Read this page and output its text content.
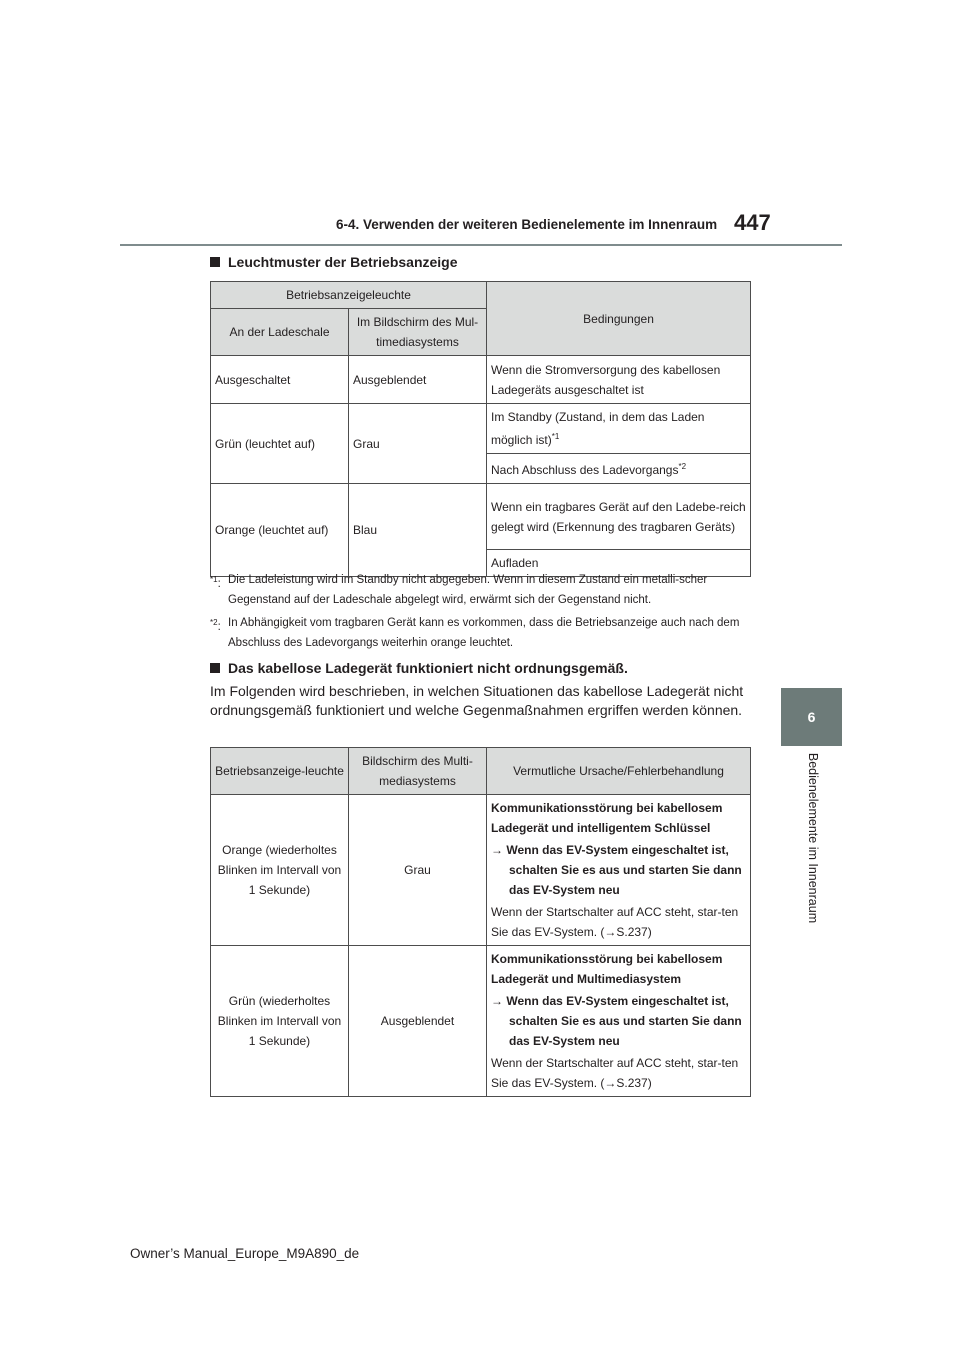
6-4. Verwenden der weiteren Bedienelemente im Innenraum 447
6
Bedienelemente im Innenraum
Leuchtmuster der Betriebsanzeige
Betriebsanzeigeleuchte		Bedingungen
An der Ladeschale	Im Bildschirm des Mul-timediasystems	
Ausgeschaltet	Ausgeblendet	Wenn die Stromversorgung des kabellosen Ladegeräts ausgeschaltet ist
Grün (leuchtet auf)	Grau	Im Standby (Zustand, in dem das Laden möglich ist)$^{*1}$
		Nach Abschluss des Ladevorgangs$^{*2}$
Orange (leuchtet auf)	Blau	Wenn ein tragbares Gerät auf den Ladebe-reich gelegt wird (Erkennung des tragbaren Geräts)
		Aufladen
$^{*1}$: Die Ladeleistung wird im Standby nicht abgegeben. Wenn in diesem Zustand ein metalli-scher Gegenstand auf der Ladeschale abgelegt wird, erwärmt sich der Gegenstand nicht.
$^{*2}$: In Abhängigkeit vom tragbaren Gerät kann es vorkommen, dass die Betriebsanzeige auch nach dem Abschluss des Ladevorgangs weiterhin orange leuchtet.
Das kabellose Ladegerät funktioniert nicht ordnungsgemäß.
Im Folgenden wird beschrieben, in welchen Situationen das kabellose Ladegerät nicht ordnungsgemäß funktioniert und welche Gegenmaßnahmen ergriffen werden können.
Betriebsanzeige-leuchte	Bildschirm des Multi-mediasystems	Vermutliche Ursache/Fehlerbehandlung
Orange (wiederholtes Blinken im Intervall von 1 Sekunde)	Grau	Kommunikationsstörung bei kabellosem Ladegerät und intelligentem Schlüssel
→ Wenn das EV-System eingeschaltet ist, schalten Sie es aus und starten Sie dann das EV-System neu
Wenn der Startschalter auf ACC steht, star-ten Sie das EV-System. (→S.237)

Grün (wiederholtes Blinken im Intervall von 1 Sekunde)	Ausgeblendet	Kommunikationsstörung bei kabellosem Ladegerät und Multimediasystem
→ Wenn das EV-System eingeschaltet ist, schalten Sie es aus und starten Sie dann das EV-System neu
Wenn der Startschalter auf ACC steht, star-ten Sie das EV-System. (→S.237)
Owner’s Manual_Europe_M9A890_de
